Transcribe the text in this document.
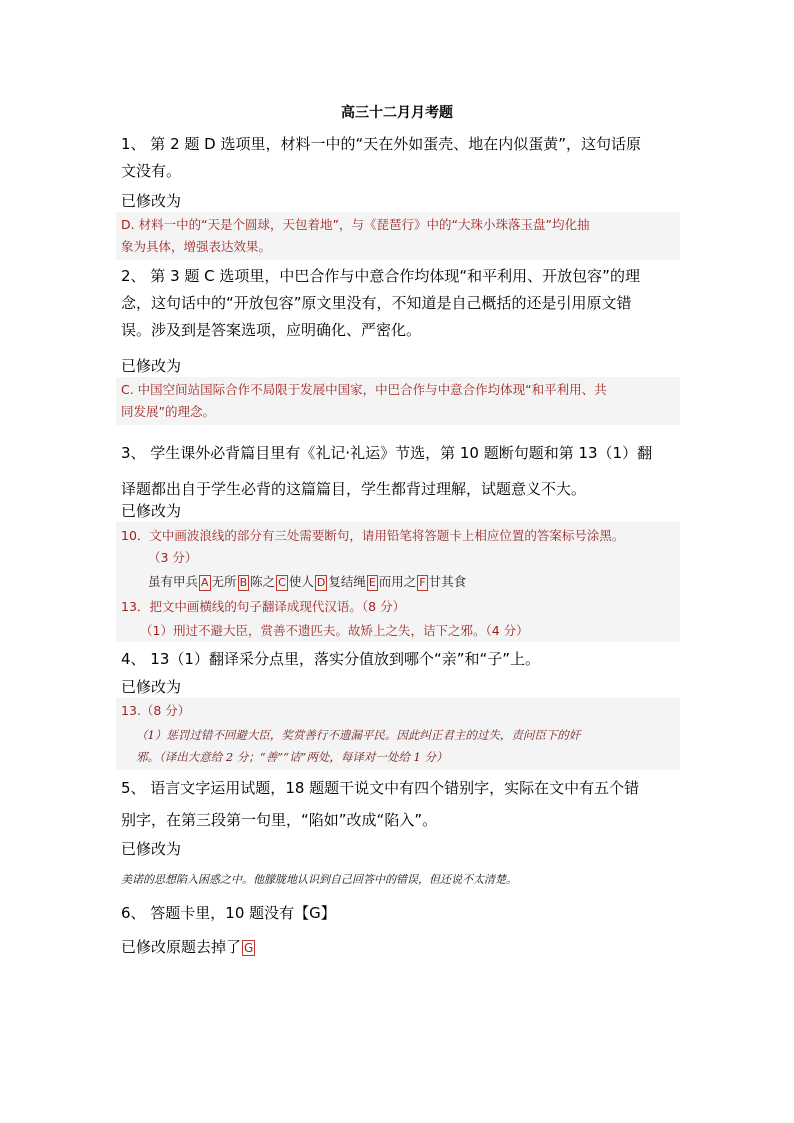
高三十二月月考题

1、 第 2 题 D 选项里，材料一中的“天在外如蛋壳、地在内似蛋黄”，这句话原
文没有。

已修改为

D. 材料一中的“天是个圆球，天包着地”，与《琵琶行》中的“大珠小珠落玉盘”均化抽
象为具体，增强表达效果。

2、 第 3 题 C 选项里，中巴合作与中意合作均体现“和平利用、开放包容”的理
念，这句话中的“开放包容”原文里没有，不知道是自己概括的还是引用原文错
误。涉及到是答案选项，应明确化、严密化。

已修改为

C. 中国空间站国际合作不局限于发展中国家，中巴合作与中意合作均体现“和平利用、共
同发展”的理念。

3、 学生课外必背篇目里有《礼记·礼运》节选，第 10 题断句题和第 13（1）翻
译题都出自于学生必背的这篇篇目，学生都背过理解，试题意义不大。

已修改为

10．文中画波浪线的部分有三处需要断句，请用铅笔将答题卡上相应位置的答案标号涂黑。

（3 分）

虽有甲兵 A 无所 B 陈之 C 使人 D 复结绳 E 而用之 F 甘其食

13．把文中画横线的句子翻译成现代汉语。（8 分）

（1）刑过不避大臣，赏善不遗匹夫。故矫上之失，诘下之邪。（4 分）

4、 13（1）翻译采分点里，落实分值放到哪个“亲”和“子”上。

已修改为

13.（8 分）

（1）惩罚过错不回避大臣，奖赏善行不遗漏平民。因此纠正君主的过失，责问臣下的奸
邪。（译出大意给 2 分；“善”“诘”两处，每译对一处给 1 分）

5、 语言文字运用试题，18 题题干说文中有四个错别字，实际在文中有五个错
别字，在第三段第一句里，“陷如”改成“陷入”。

已修改为

美诺的思想陷入困惑之中。他朦胧地认识到自己回答中的错误，但还说不太清楚。

6、 答题卡里，10 题没有【G】

已修改原题去掉了 G
